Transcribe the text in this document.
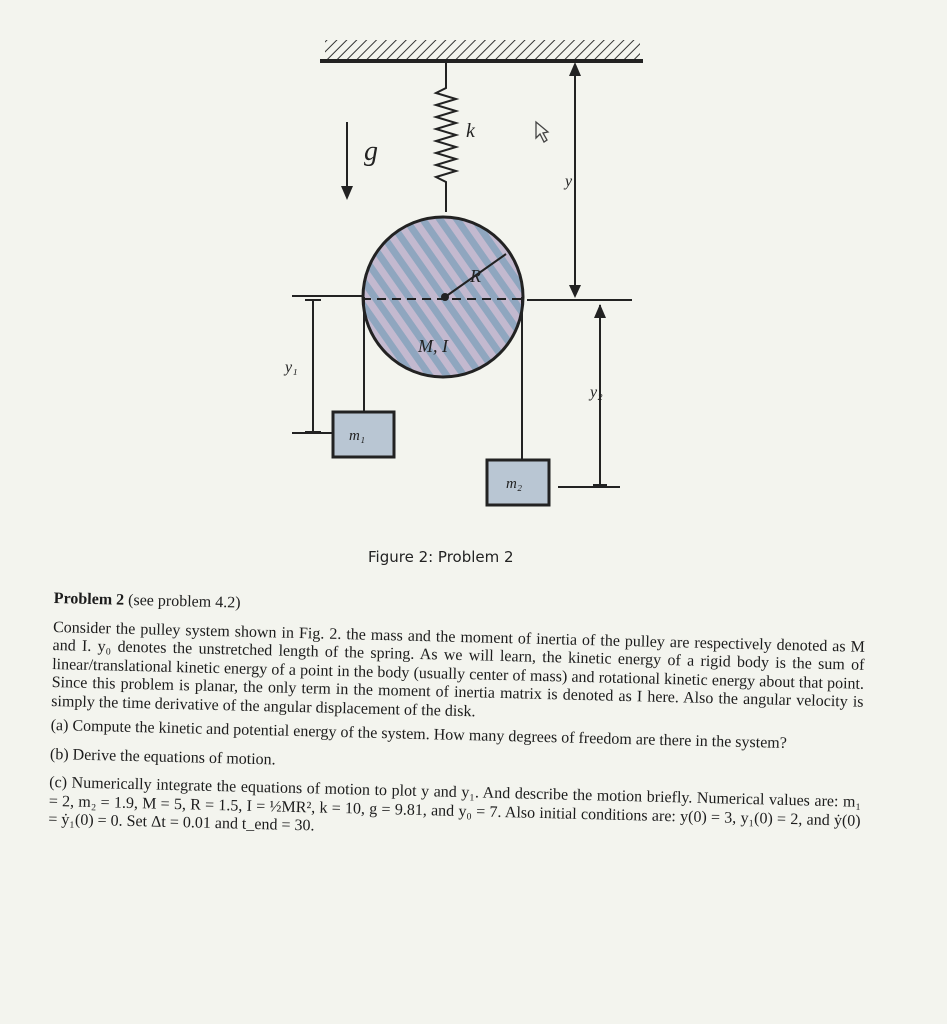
k
g
y
R
M, I
y₁
m₁
y₂
m₂
Figure 2: Problem 2
Problem 2 (see problem 4.2)
Consider the pulley system shown in Fig. 2. the mass and the moment of inertia of the pulley are respectively denoted as M and I. y₀ denotes the unstretched length of the spring. As we will learn, the kinetic energy of a rigid body is the sum of linear/translational kinetic energy of a point in the body (usually center of mass) and rotational kinetic energy about that point. Since this problem is planar, the only term in the moment of inertia matrix is denoted as I here. Also the angular velocity is simply the time derivative of the angular displacement of the disk.
(a) Compute the kinetic and potential energy of the system. How many degrees of freedom are there in the system?
(b) Derive the equations of motion.
(c) Numerically integrate the equations of motion to plot y and y₁. And describe the motion briefly. Numerical values are: m₁ = 2, m₂ = 1.9, M = 5, R = 1.5, I = ½MR², k = 10, g = 9.81, and y₀ = 7. Also initial conditions are: y(0) = 3, y₁(0) = 2, and ẏ(0) = ẏ₁(0) = 0. Set Δt = 0.01 and t_end = 30.
